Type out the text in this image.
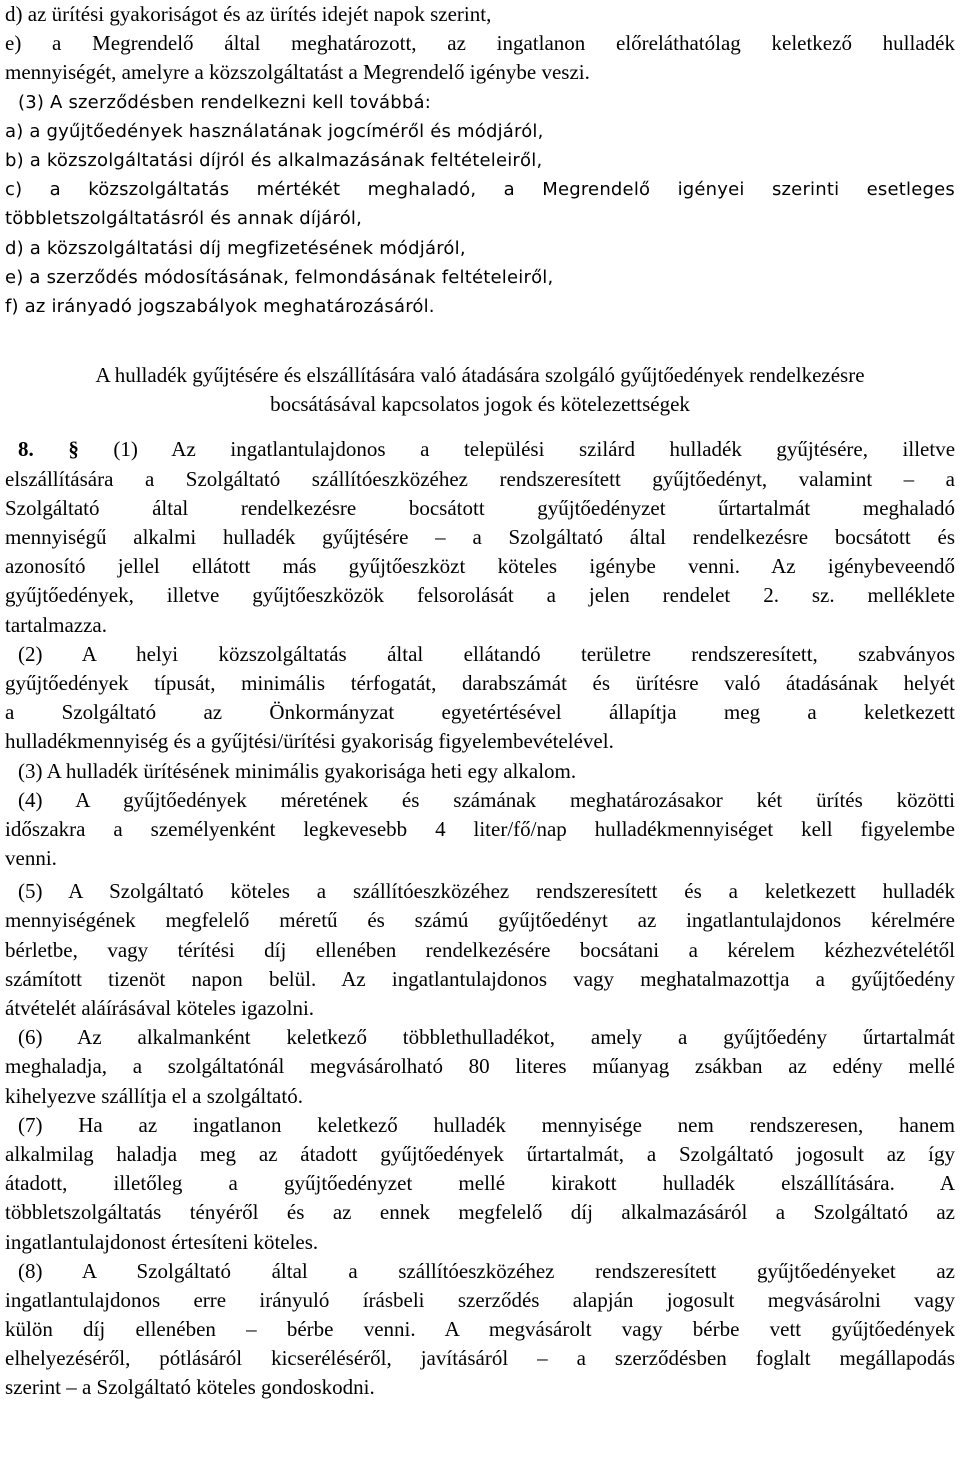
d) az ürítési gyakoriságot és az ürítés idejét napok szerint,
e) a Megrendelő által meghatározott, az ingatlanon előreláthatólag keletkező hulladék
mennyiségét, amelyre a közszolgáltatást a Megrendelő igénybe veszi.
(3) A szerződésben rendelkezni kell továbbá:
a) a gyűjtőedények használatának jogcíméről és módjáról,
b) a közszolgáltatási díjról és alkalmazásának feltételeiről,
c) a közszolgáltatás mértékét meghaladó, a Megrendelő igényei szerinti esetleges
többletszolgáltatásról és annak díjáról,
d) a közszolgáltatási díj megfizetésének módjáról,
e) a szerződés módosításának, felmondásának feltételeiről,
f) az irányadó jogszabályok meghatározásáról.
A hulladék gyűjtésére és elszállítására való átadására szolgáló gyűjtőedények rendelkezésre
bocsátásával kapcsolatos jogok és kötelezettségek
8. § (1) Az ingatlantulajdonos a települési szilárd hulladék gyűjtésére, illetve
elszállítására a Szolgáltató szállítóeszközéhez rendszeresített gyűjtőedényt, valamint – a
Szolgáltató által rendelkezésre bocsátott gyűjtőedényzet űrtartalmát meghaladó
mennyiségű alkalmi hulladék gyűjtésére – a Szolgáltató által rendelkezésre bocsátott és
azonosító jellel ellátott más gyűjtőeszközt köteles igénybe venni. Az igénybeveendő
gyűjtőedények, illetve gyűjtőeszközök felsorolását a jelen rendelet 2. sz. melléklete
tartalmazza.
(2) A helyi közszolgáltatás által ellátandó területre rendszeresített, szabványos
gyűjtőedények típusát, minimális térfogatát, darabszámát és ürítésre való átadásának helyét
a Szolgáltató az Önkormányzat egyetértésével állapítja meg a keletkezett
hulladékmennyiség és a gyűjtési/ürítési gyakoriság figyelembevételével.
(3) A hulladék ürítésének minimális gyakorisága heti egy alkalom.
(4) A gyűjtőedények méretének és számának meghatározásakor két ürítés közötti
időszakra a személyenként legkevesebb 4 liter/fő/nap hulladékmennyiséget kell figyelembe
venni.
(5) A Szolgáltató köteles a szállítóeszközéhez rendszeresített és a keletkezett hulladék
mennyiségének megfelelő méretű és számú gyűjtőedényt az ingatlantulajdonos kérelmére
bérletbe, vagy térítési díj ellenében rendelkezésére bocsátani a kérelem kézhezvételétől
számított tizenöt napon belül. Az ingatlantulajdonos vagy meghatalmazottja a gyűjtőedény
átvételét aláírásával köteles igazolni.
(6) Az alkalmanként keletkező többlethulladékot, amely a gyűjtőedény űrtartalmát
meghaladja, a szolgáltatónál megvásárolható 80 literes műanyag zsákban az edény mellé
kihelyezve szállítja el a szolgáltató.
(7) Ha az ingatlanon keletkező hulladék mennyisége nem rendszeresen, hanem
alkalmilag haladja meg az átadott gyűjtőedények űrtartalmát, a Szolgáltató jogosult az így
átadott, illetőleg a gyűjtőedényzet mellé kirakott hulladék elszállítására. A
többletszolgáltatás tényéről és az ennek megfelelő díj alkalmazásáról a Szolgáltató az
ingatlantulajdonost értesíteni köteles.
(8) A Szolgáltató által a szállítóeszközéhez rendszeresített gyűjtőedényeket az
ingatlantulajdonos erre irányuló írásbeli szerződés alapján jogosult megvásárolni vagy
külön díj ellenében – bérbe venni. A megvásárolt vagy bérbe vett gyűjtőedények
elhelyezéséről, pótlásáról kicseréléséről, javításáról – a szerződésben foglalt megállapodás
szerint – a Szolgáltató köteles gondoskodni.
